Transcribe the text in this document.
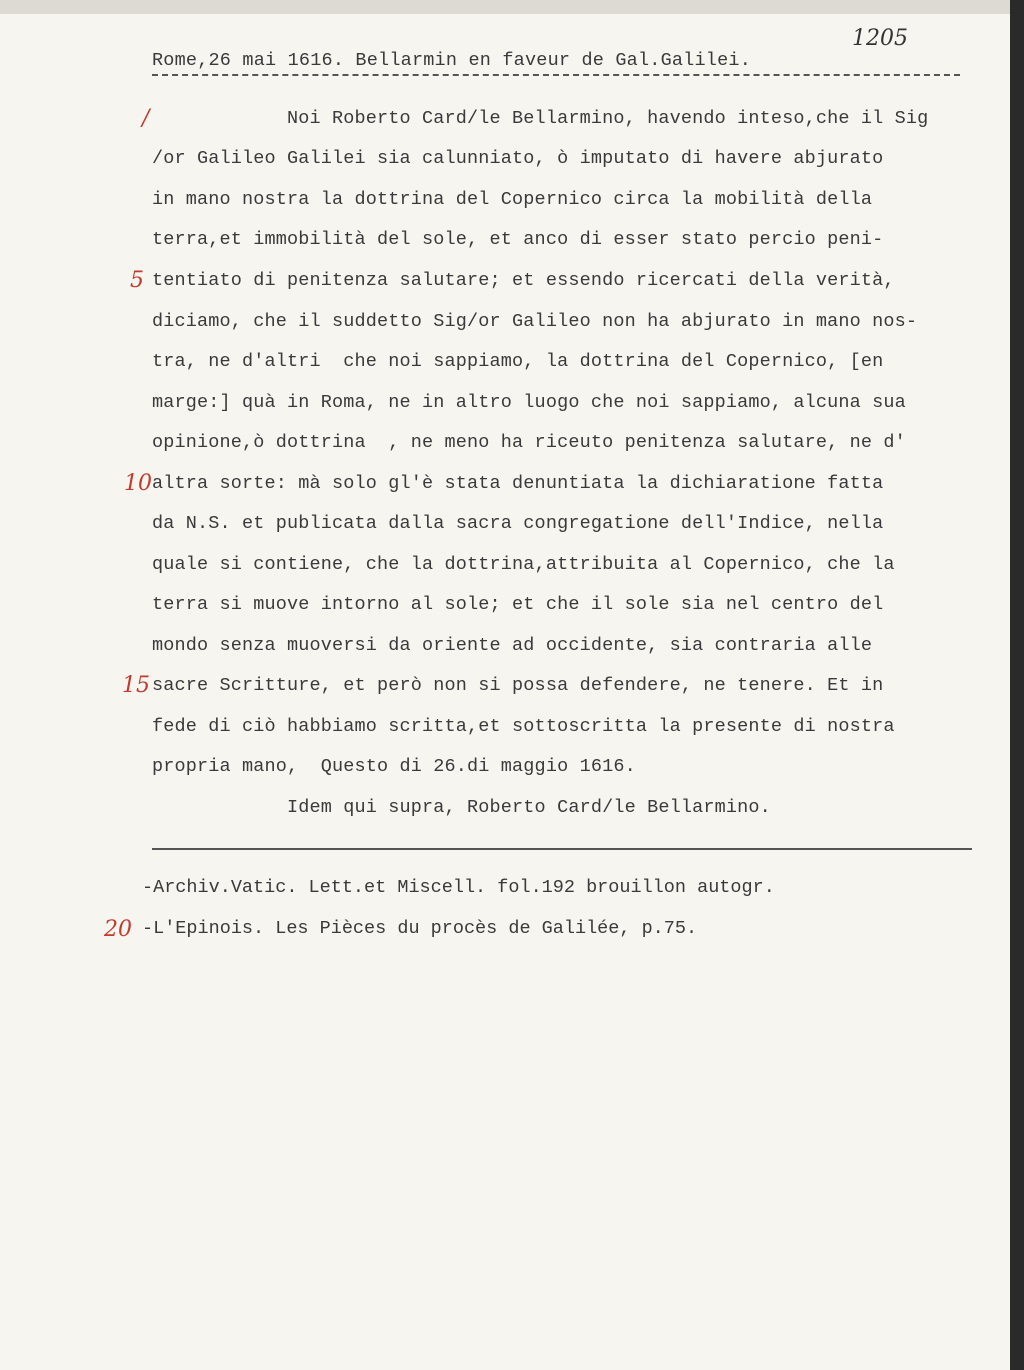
Rome,26 mai 1616. Bellarmin en faveur de Gal.Galilei.
1205
Noi Roberto Card/le Bellarmino, havendo inteso,che il Sig
/or Galileo Galilei sia calunniato, ò imputato di havere abjurato
in mano nostra la dottrina del Copernico circa la mobilità della
terra,et immobilità del sole, et anco di esser stato percio peni-
tentiato di penitenza salutare; et essendo ricercati della verità,
diciamo, che il suddetto Sig/or Galileo non ha abjurato in mano nos-
tra, ne d'altri  che noi sappiamo, la dottrina del Copernico, [en
marge:] quà in Roma, ne in altro luogo che noi sappiamo, alcuna sua
opinione,ò dottrina  , ne meno ha riceuto penitenza salutare, ne d'
altra sorte: mà solo gl'è stata denuntiata la dichiaratione fatta
da N.S. et publicata dalla sacra congregatione dell'Indice, nella
quale si contiene, che la dottrina,attribuita al Copernico, che la
terra si muove intorno al sole; et che il sole sia nel centro del
mondo senza muoversi da oriente ad occidente, sia contraria alle
sacre Scritture, et però non si possa defendere, ne tenere. Et in
fede di ciò habbiamo scritta,et sottoscritta la presente di nostra
propria mano,  Questo di 26.di maggio 1616.
Idem qui supra, Roberto Card/le Bellarmino.
/
5
10
15
20
-Archiv.Vatic. Lett.et Miscell. fol.192 brouillon autogr.
-L'Epinois. Les Pièces du procès de Galilée, p.75.
